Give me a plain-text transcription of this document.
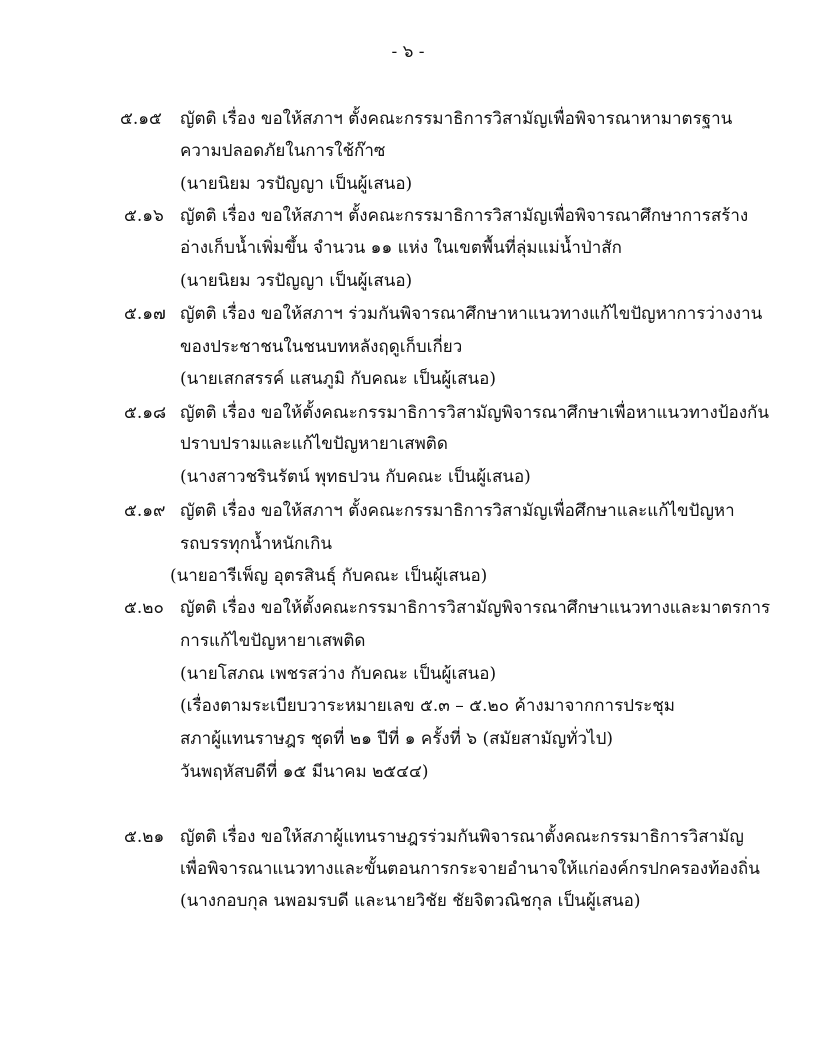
- ๖ -
๕.๑๕ ญัตติ เรื่อง ขอให้สภาฯ ตั้งคณะกรรมาธิการวิสามัญเพื่อพิจารณาหามาตรฐาน
ความปลอดภัยในการใช้ก๊าซ
(นายนิยม วรปัญญา เป็นผู้เสนอ)
๕.๑๖ ญัตติ เรื่อง ขอให้สภาฯ ตั้งคณะกรรมาธิการวิสามัญเพื่อพิจารณาศึกษาการสร้าง
อ่างเก็บน้ำเพิ่มขึ้น จำนวน ๑๑ แห่ง ในเขตพื้นที่ลุ่มแม่น้ำป่าสัก
(นายนิยม วรปัญญา เป็นผู้เสนอ)
๕.๑๗ ญัตติ เรื่อง ขอให้สภาฯ ร่วมกันพิจารณาศึกษาหาแนวทางแก้ไขปัญหาการว่างงาน
ของประชาชนในชนบทหลังฤดูเก็บเกี่ยว
(นายเสกสรรค์ แสนภูมิ กับคณะ เป็นผู้เสนอ)
๕.๑๘ ญัตติ เรื่อง ขอให้ตั้งคณะกรรมาธิการวิสามัญพิจารณาศึกษาเพื่อหาแนวทางป้องกัน
ปราบปรามและแก้ไขปัญหายาเสพติด
(นางสาวชรินรัตน์ พุทธปวน กับคณะ เป็นผู้เสนอ)
๕.๑๙ ญัตติ เรื่อง ขอให้สภาฯ ตั้งคณะกรรมาธิการวิสามัญเพื่อศึกษาและแก้ไขปัญหา
รถบรรทุกน้ำหนักเกิน
(นายอารีเพ็ญ อุตรสินธุ์ กับคณะ เป็นผู้เสนอ)
๕.๒๐ ญัตติ เรื่อง ขอให้ตั้งคณะกรรมาธิการวิสามัญพิจารณาศึกษาแนวทางและมาตรการ
การแก้ไขปัญหายาเสพติด
(นายโสภณ เพชรสว่าง กับคณะ เป็นผู้เสนอ)
(เรื่องตามระเบียบวาระหมายเลข ๕.๓ – ๕.๒๐ ค้างมาจากการประชุม
สภาผู้แทนราษฎร ชุดที่ ๒๑ ปีที่ ๑ ครั้งที่ ๖ (สมัยสามัญทั่วไป)
วันพฤหัสบดีที่ ๑๕ มีนาคม ๒๕๔๔)
๕.๒๑ ญัตติ เรื่อง ขอให้สภาผู้แทนราษฎรร่วมกันพิจารณาตั้งคณะกรรมาธิการวิสามัญ
เพื่อพิจารณาแนวทางและขั้นตอนการกระจายอำนาจให้แก่องค์กรปกครองท้องถิ่น
(นางกอบกุล นพอมรบดี และนายวิชัย ชัยจิตวณิชกุล เป็นผู้เสนอ)
